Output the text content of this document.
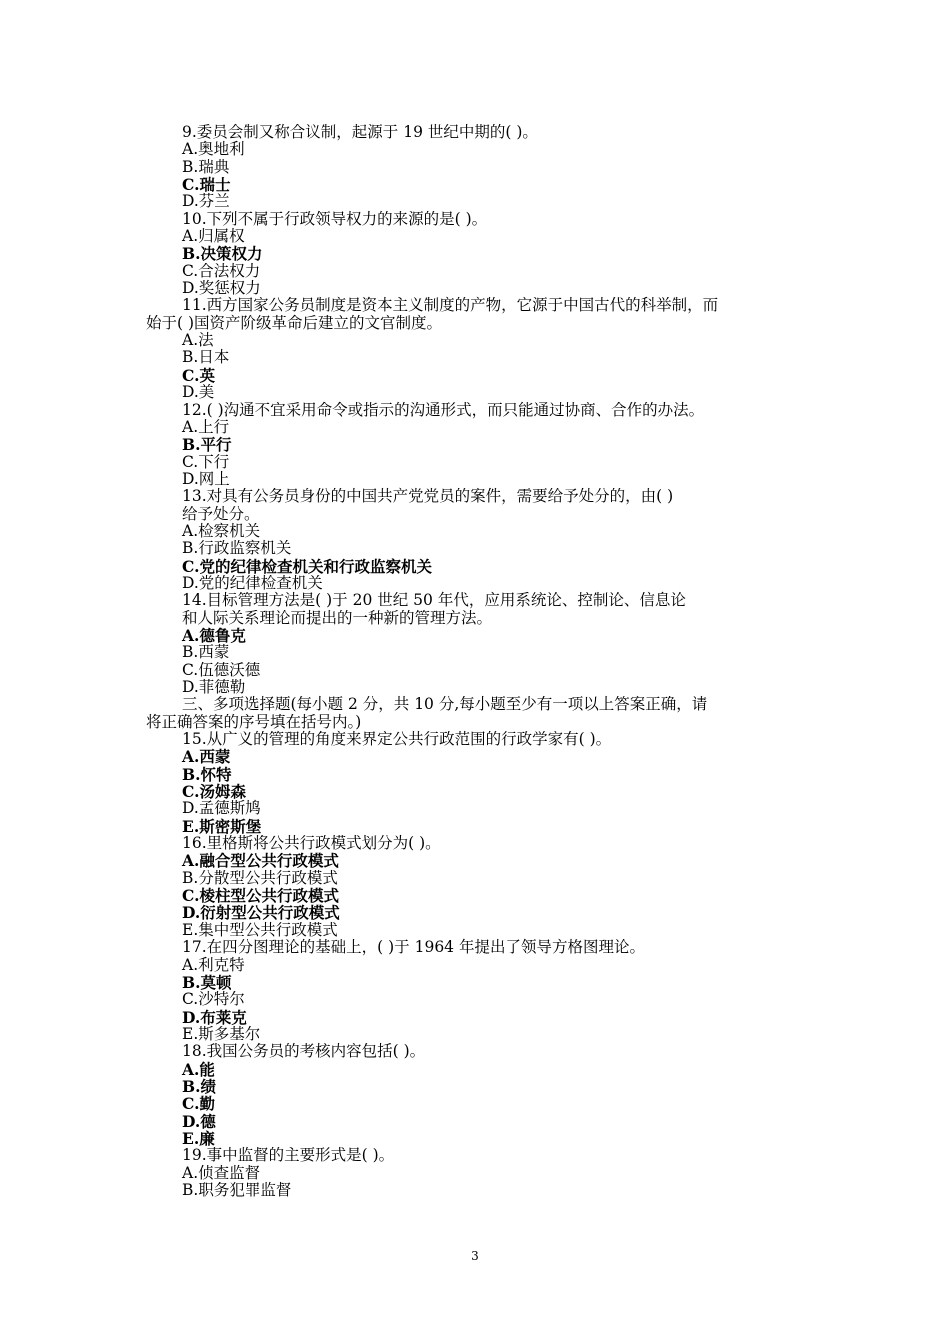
9.委员会制又称合议制，起源于 19 世纪中期的( )。
A.奥地利
B.瑞典
C.瑞士
D.芬兰
10.下列不属于行政领导权力的来源的是( )。
A.归属权
B.决策权力
C.合法权力
D.奖惩权力
11.西方国家公务员制度是资本主义制度的产物，它源于中国古代的科举制，而
始于( )国资产阶级革命后建立的文官制度。
A.法
B.日本
C.英
D.美
12.( )沟通不宜采用命令或指示的沟通形式，而只能通过协商、合作的办法。
A.上行
B.平行
C.下行
D.网上
13.对具有公务员身份的中国共产党党员的案件，需要给予处分的，由( )
给予处分。
A.检察机关
B.行政监察机关
C.党的纪律检查机关和行政监察机关
D.党的纪律检查机关
14.目标管理方法是( )于 20 世纪 50 年代，应用系统论、控制论、信息论
和人际关系理论而提出的一种新的管理方法。
A.德鲁克
B.西蒙
C.伍德沃德
D.菲德勒
三、多项选择题(每小题 2 分，共 10 分,每小题至少有一项以上答案正确，请
将正确答案的序号填在括号内。)
15.从广义的管理的角度来界定公共行政范围的行政学家有( )。
A.西蒙
B.怀特
C.汤姆森
D.孟德斯鸠
E.斯密斯堡
16.里格斯将公共行政模式划分为( )。
A.融合型公共行政模式
B.分散型公共行政模式
C.棱柱型公共行政模式
D.衍射型公共行政模式
E.集中型公共行政模式
17.在四分图理论的基础上，( )于 1964 年提出了领导方格图理论。
A.利克特
B.莫顿
C.沙特尔
D.布莱克
E.斯多基尔
18.我国公务员的考核内容包括( )。
A.能
B.绩
C.勤
D.德
E.廉
19.事中监督的主要形式是( )。
A.侦查监督
B.职务犯罪监督
3
